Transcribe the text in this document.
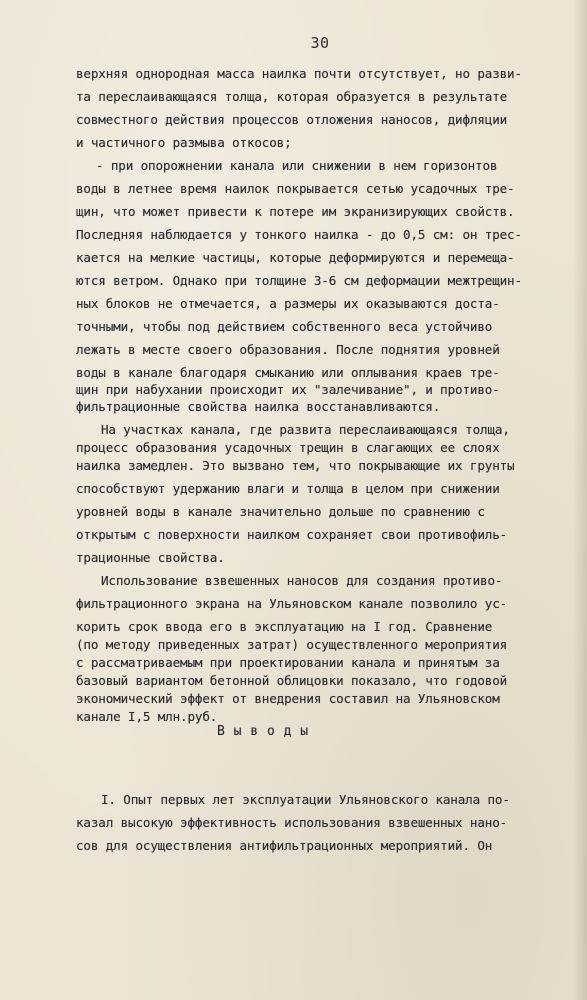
30
верхняя однородная масса наилка почти отсутствует, но разви-
та переслаивающаяся толща, которая образуется в результате
совместного действия процессов отложения наносов, дифляции
и частичного размыва откосов;
- при опорожнении канала или снижении в нем горизонтов
воды в летнее время наилок покрывается сетью усадочных тре-
щин, что может привести к потере им экранизирующих свойств.
Последняя наблюдается у тонкого наилка - до 0,5 см: он трес-
кается на мелкие частицы, которые деформируются и перемеща-
ются ветром. Однако при толщине 3-6 см деформации межтрещин-
ных блоков не отмечается, а размеры их оказываются доста-
точными, чтобы под действием собственного веса устойчиво
лежать в месте своего образования. После поднятия уровней
воды в канале благодаря смыканию или оплывания краев тре-
щин при набухании происходит их "залечивание", и противо-
фильтрационные свойства наилка восстанавливаются.
На участках канала, где развита переслаивающаяся толща,
процесс образования усадочных трещин в слагающих ее слоях
наилка замедлен. Это вызвано тем, что покрывающие их грунты
способствуют удержанию влаги и толща в целом при снижении
уровней воды в канале значительно дольше по сравнению с
открытым с поверхности наилком сохраняет свои противофиль-
трационные свойства.
Использование взвешенных наносов для создания противо-
фильтрационного экрана на Ульяновском канале позволило ус-
корить срок ввода его в эксплуатацию на I год. Сравнение
(по методу приведенных затрат) осуществленного мероприятия
с рассматриваемым при проектировании канала и принятым за
базовый вариантом бетонной облицовки показало, что годовой
экономический эффект от внедрения составил на Ульяновском
канале I,5 млн.руб.
В ы в о д ы
I. Опыт первых лет эксплуатации Ульяновского канала по-
казал высокую эффективность использования взвешенных нано-
сов для осуществления антифильтрационных мероприятий. Он
